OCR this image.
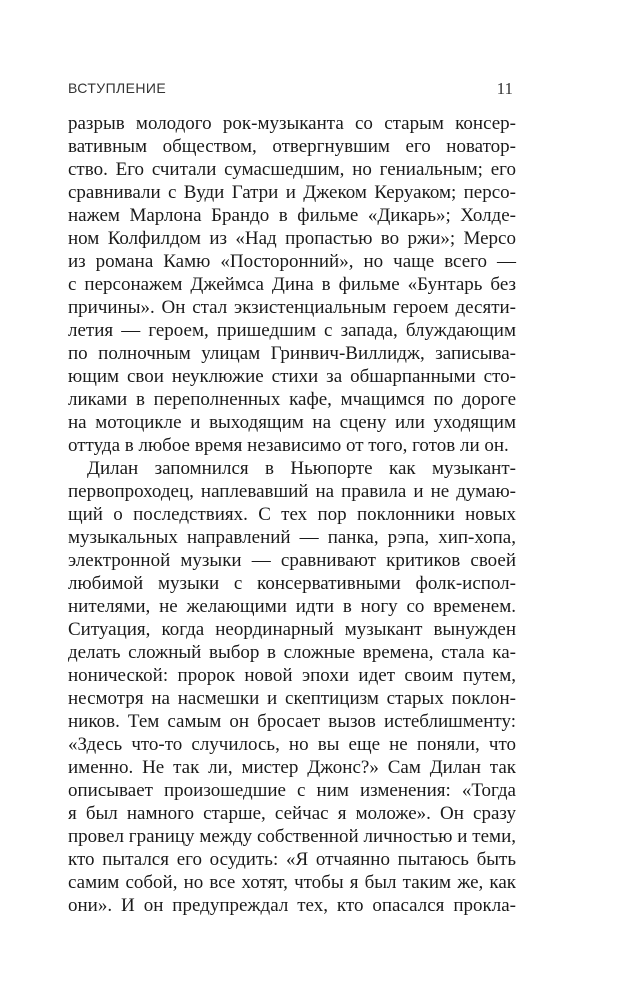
ВСТУПЛЕНИЕ	11
разрыв молодого рок-музыканта со старым консер-
вативным обществом, отвергнувшим его новатор-
ство. Его считали сумасшедшим, но гениальным; его
сравнивали с Вуди Гатри и Джеком Керуаком; персо-
нажем Марлона Брандо в фильме «Дикарь»; Холде-
ном Колфилдом из «Над пропастью во ржи»; Мерсо
из романа Камю «Посторонний», но чаще всего —
с персонажем Джеймса Дина в фильме «Бунтарь без
причины». Он стал экзистенциальным героем десяти-
летия — героем, пришедшим с запада, блуждающим
по полночным улицам Гринвич-Виллидж, записыва-
ющим свои неуклюжие стихи за обшарпанными сто-
ликами в переполненных кафе, мчащимся по дороге
на мотоцикле и выходящим на сцену или уходящим
оттуда в любое время независимо от того, готов ли он.
Дилан запомнился в Ньюпорте как музыкант-
первопроходец, наплевавший на правила и не думаю-
щий о последствиях. С тех пор поклонники новых
музыкальных направлений — панка, рэпа, хип-хопа,
электронной музыки — сравнивают критиков своей
любимой музыки с консервативными фолк-испол-
нителями, не желающими идти в ногу со временем.
Ситуация, когда неординарный музыкант вынужден
делать сложный выбор в сложные времена, стала ка-
нонической: пророк новой эпохи идет своим путем,
несмотря на насмешки и скептицизм старых поклон-
ников. Тем самым он бросает вызов истеблишменту:
«Здесь что-то случилось, но вы еще не поняли, что
именно. Не так ли, мистер Джонс?» Сам Дилан так
описывает произошедшие с ним изменения: «Тогда
я был намного старше, сейчас я моложе». Он сразу
провел границу между собственной личностью и теми,
кто пытался его осудить: «Я отчаянно пытаюсь быть
самим собой, но все хотят, чтобы я был таким же, как
они». И он предупреждал тех, кто опасался прокла-
